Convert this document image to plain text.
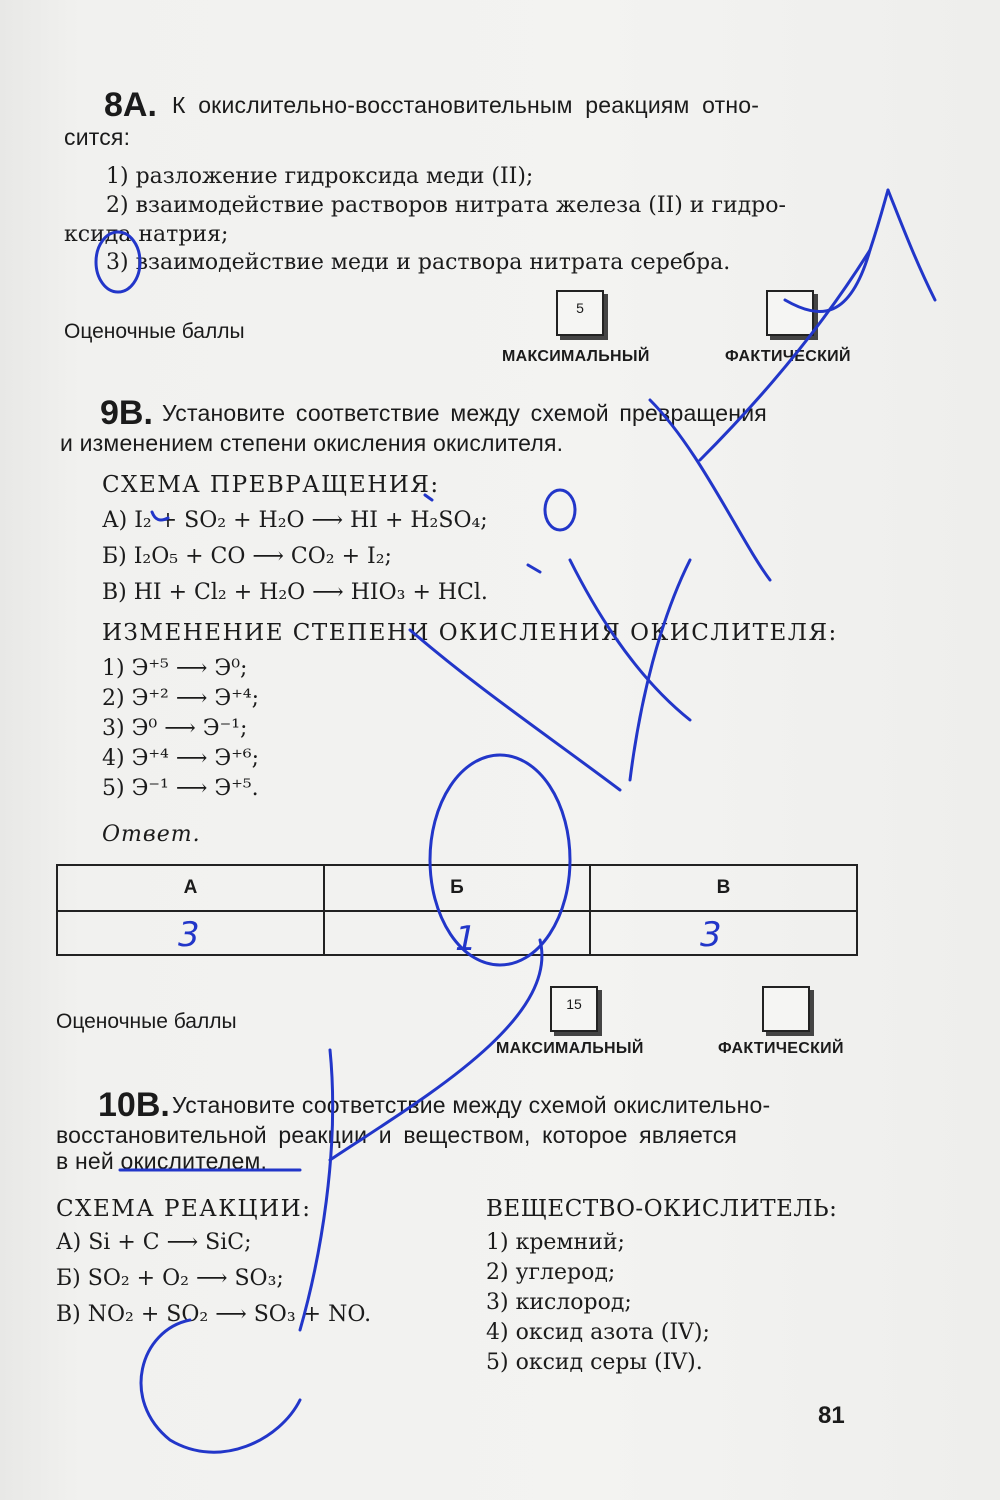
8А. К окислительно-восстановительным реакциям отно-
сится:
1) разложение гидроксида меди (II);
2) взаимодействие растворов нитрата железа (II) и гидро-
ксида натрия;
3) взаимодействие меди и раствора нитрата серебра.
Оценочные баллы
5
МАКСИМАЛЬНЫЙ	ФАКТИЧЕСКИЙ
9В. Установите соответствие между схемой превращения
и изменением степени окисления окислителя.
СХЕМА ПРЕВРАЩЕНИЯ:
А) I₂ + SO₂ + H₂O ⟶ HI + H₂SO₄;
Б) I₂O₅ + CO ⟶ CO₂ + I₂;
В) HI + Cl₂ + H₂O ⟶ HIO₃ + HCl.
ИЗМЕНЕНИЕ СТЕПЕНИ ОКИСЛЕНИЯ ОКИСЛИТЕЛЯ:
1) Э⁺⁵ ⟶ Э⁰;
2) Э⁺² ⟶ Э⁺⁴;
3) Э⁰ ⟶ Э⁻¹;
4) Э⁺⁴ ⟶ Э⁺⁶;
5) Э⁻¹ ⟶ Э⁺⁵.
Ответ.
А	Б	В

Оценочные баллы
15
МАКСИМАЛЬНЫЙ	ФАКТИЧЕСКИЙ
10В. Установите соответствие между схемой окислительно-
восстановительной реакции и веществом, которое является
в ней окислителем.
СХЕМА РЕАКЦИИ:
А) Si + C ⟶ SiC;
Б) SO₂ + O₂ ⟶ SO₃;
В) NO₂ + SO₂ ⟶ SO₃ + NO.
ВЕЩЕСТВО-ОКИСЛИТЕЛЬ:
1) кремний;
2) углерод;
3) кислород;
4) оксид азота (IV);
5) оксид серы (IV).
81
3	1	3
